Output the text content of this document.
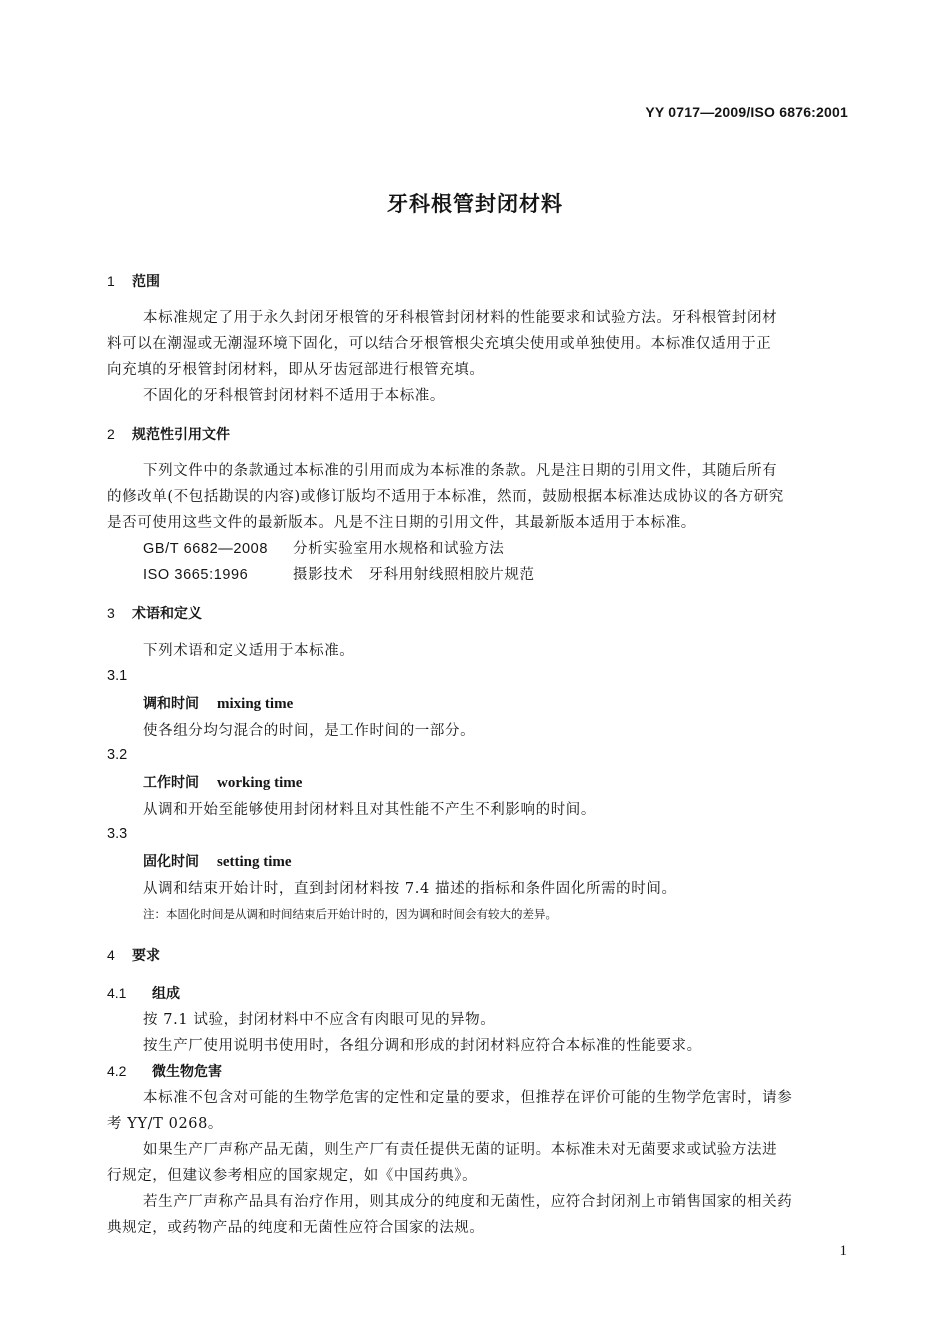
YY 0717—2009/ISO 6876:2001
牙科根管封闭材料
1 范围
本标准规定了用于永久封闭牙根管的牙科根管封闭材料的性能要求和试验方法。牙科根管封闭材
料可以在潮湿或无潮湿环境下固化，可以结合牙根管根尖充填尖使用或单独使用。本标准仅适用于正
向充填的牙根管封闭材料，即从牙齿冠部进行根管充填。
不固化的牙科根管封闭材料不适用于本标准。
2 规范性引用文件
下列文件中的条款通过本标准的引用而成为本标准的条款。凡是注日期的引用文件，其随后所有
的修改单(不包括勘误的内容)或修订版均不适用于本标准，然而，鼓励根据本标准达成协议的各方研究
是否可使用这些文件的最新版本。凡是不注日期的引用文件，其最新版本适用于本标准。
GB/T 6682—2008 分析实验室用水规格和试验方法
ISO 3665:1996	摄影技术　牙科用射线照相胶片规范
3 术语和定义
下列术语和定义适用于本标准。
3.1
调和时间 mixing time
使各组分均匀混合的时间，是工作时间的一部分。
3.2
工作时间 working time
从调和开始至能够使用封闭材料且对其性能不产生不利影响的时间。
3.3
固化时间 setting time
从调和结束开始计时，直到封闭材料按 7.4 描述的指标和条件固化所需的时间。
注：本固化时间是从调和时间结束后开始计时的，因为调和时间会有较大的差异。
4 要求
4.1 组成
按 7.1 试验，封闭材料中不应含有肉眼可见的异物。
按生产厂使用说明书使用时，各组分调和形成的封闭材料应符合本标准的性能要求。
4.2 微生物危害
本标准不包含对可能的生物学危害的定性和定量的要求，但推荐在评价可能的生物学危害时，请参
考 YY/T 0268。
如果生产厂声称产品无菌，则生产厂有责任提供无菌的证明。本标准未对无菌要求或试验方法进
行规定，但建议参考相应的国家规定，如《中国药典》。
若生产厂声称产品具有治疗作用，则其成分的纯度和无菌性，应符合封闭剂上市销售国家的相关药
典规定，或药物产品的纯度和无菌性应符合国家的法规。
1
